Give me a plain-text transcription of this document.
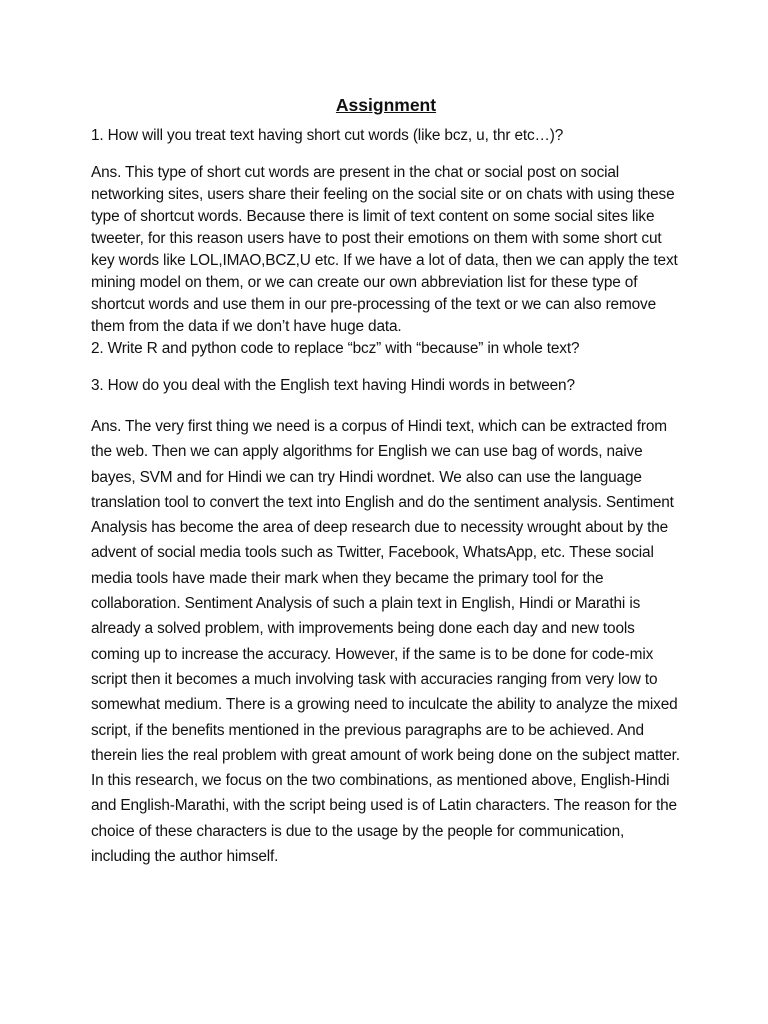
Assignment

1. How will you treat text having short cut words (like bcz, u, thr etc…)?

Ans. This type of short cut words are present in the chat or social post on social networking sites, users share their feeling on the social site or on chats with using these type of shortcut words. Because there is limit of text content on some social sites like tweeter, for this reason users have to post their emotions on them with some short cut key words like LOL,IMAO,BCZ,U etc. If we have a lot of data, then we can apply the text mining model on them, or we can create our own abbreviation list for these type of shortcut words and use them in our pre-processing of the text or we can also remove them from the data if we don’t have huge data.

2. Write R and python code to replace “bcz” with “because” in whole text?

3. How do you deal with the English text having Hindi words in between?

Ans. The very first thing we need is a corpus of Hindi text, which can be extracted from the web. Then we can apply algorithms for English we can use bag of words, naive bayes, SVM and for Hindi we can try Hindi wordnet. We also can use the language translation tool to convert the text into English and do the sentiment analysis. Sentiment Analysis has become the area of deep research due to necessity wrought about by the advent of social media tools such as Twitter, Facebook, WhatsApp, etc. These social media tools have made their mark when they became the primary tool for the collaboration. Sentiment Analysis of such a plain text in English, Hindi or Marathi is already a solved problem, with improvements being done each day and new tools coming up to increase the accuracy. However, if the same is to be done for code-mix script then it becomes a much involving task with accuracies ranging from very low to somewhat medium. There is a growing need to inculcate the ability to analyze the mixed script, if the benefits mentioned in the previous paragraphs are to be achieved. And therein lies the real problem with great amount of work being done on the subject matter. In this research, we focus on the two combinations, as mentioned above, English-Hindi and English-Marathi, with the script being used is of Latin characters. The reason for the choice of these characters is due to the usage by the people for communication, including the author himself.
